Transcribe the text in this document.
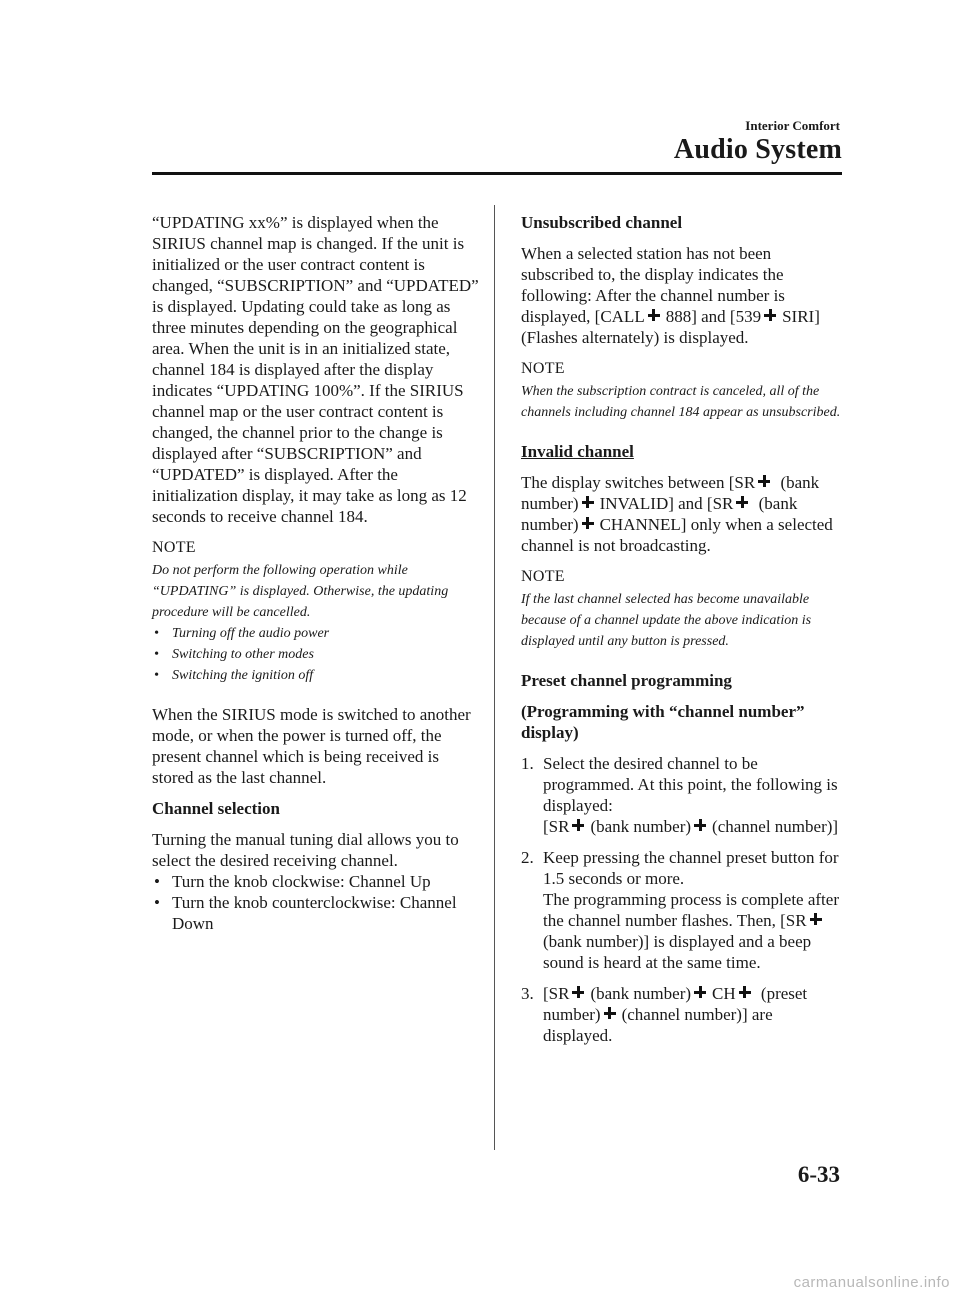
Interior Comfort
Audio System

“UPDATING xx%” is displayed when the SIRIUS channel map is changed. If the unit is initialized or the user contract content is changed, “SUBSCRIPTION” and “UPDATED” is displayed. Updating could take as long as three minutes depending on the geographical area. When the unit is in an initialized state, channel 184 is displayed after the display indicates “UPDATING 100%”. If the SIRIUS channel map or the user contract content is changed, the channel prior to the change is displayed after “SUBSCRIPTION” and “UPDATED” is displayed. After the initialization display, it may take as long as 12 seconds to receive channel 184.

NOTE

Do not perform the following operation while “UPDATING” is displayed. Otherwise, the updating procedure will be cancelled.

• Turning off the audio power
• Switching to other modes
• Switching the ignition off

When the SIRIUS mode is switched to another mode, or when the power is turned off, the present channel which is being received is stored as the last channel.

Channel selection

Turning the manual tuning dial allows you to select the desired receiving channel.

• Turn the knob clockwise: Channel Up
• Turn the knob counterclockwise: Channel Down
Unsubscribed channel

When a selected station has not been subscribed to, the display indicates the following: After the channel number is displayed, [CALL 888] and [539 SIRI] (Flashes alternately) is displayed.

NOTE

When the subscription contract is canceled, all of the channels including channel 184 appear as unsubscribed.

Invalid channel

The display switches between [SR (bank number) INVALID] and [SR (bank number) CHANNEL] only when a selected channel is not broadcasting.

NOTE

If the last channel selected has become unavailable because of a channel update the above indication is displayed until any button is pressed.

Preset channel programming
(Programming with “channel number” display)
1. Select the desired channel to be programmed. At this point, the following is displayed:
[SR (bank number) (channel number)]
2. Keep pressing the channel preset button for 1.5 seconds or more.
The programming process is complete after the channel number flashes. Then, [SR(bank number)] is displayed and a beep sound is heard at the same time.
3. [SR (bank number) CH (preset number) (channel number)] are displayed.
6-33
carmanualsonline.info
